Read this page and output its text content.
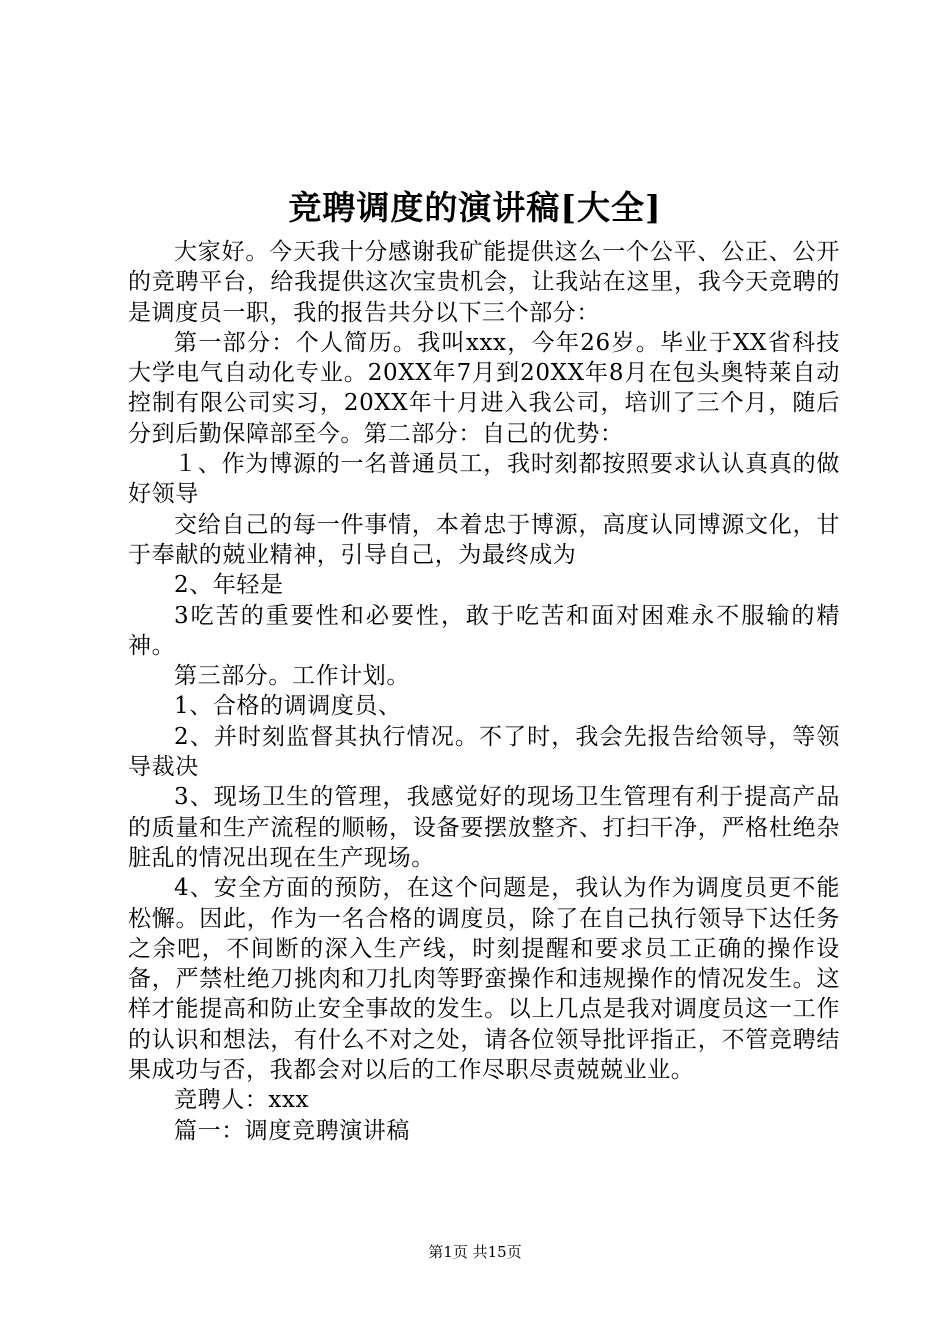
竞聘调度的演讲稿[大全]

大家好。今天我十分感谢我矿能提供这么一个公平、公正、公开的竞聘平台，给我提供这次宝贵机会，让我站在这里，我今天竞聘的是调度员一职，我的报告共分以下三个部分：

第一部分：个人简历。我叫xxx，今年26岁。毕业于XX省科技大学电气自动化专业。20XX年7月到20XX年8月在包头奥特莱自动控制有限公司实习，20XX年十月进入我公司，培训了三个月，随后分到后勤保障部至今。第二部分：自己的优势：

１、作为博源的一名普通员工，我时刻都按照要求认认真真的做好领导

交给自己的每一件事情，本着忠于博源，高度认同博源文化，甘于奉献的兢业精神，引导自己，为最终成为

2、年轻是

3吃苦的重要性和必要性，敢于吃苦和面对困难永不服输的精神。

第三部分。工作计划。

1、合格的调调度员、

2、并时刻监督其执行情况。不了时，我会先报告给领导，等领导裁决

3、现场卫生的管理，我感觉好的现场卫生管理有利于提高产品的质量和生产流程的顺畅，设备要摆放整齐、打扫干净，严格杜绝杂脏乱的情况出现在生产现场。

4、安全方面的预防，在这个问题是，我认为作为调度员更不能松懈。因此，作为一名合格的调度员，除了在自己执行领导下达任务之余吧，不间断的深入生产线，时刻提醒和要求员工正确的操作设备，严禁杜绝刀挑肉和刀扎肉等野蛮操作和违规操作的情况发生。这样才能提高和防止安全事故的发生。以上几点是我对调度员这一工作的认识和想法，有什么不对之处，请各位领导批评指正，不管竞聘结果成功与否，我都会对以后的工作尽职尽责兢兢业业。

竞聘人：xxx

篇一：调度竞聘演讲稿

第1页 共15页
